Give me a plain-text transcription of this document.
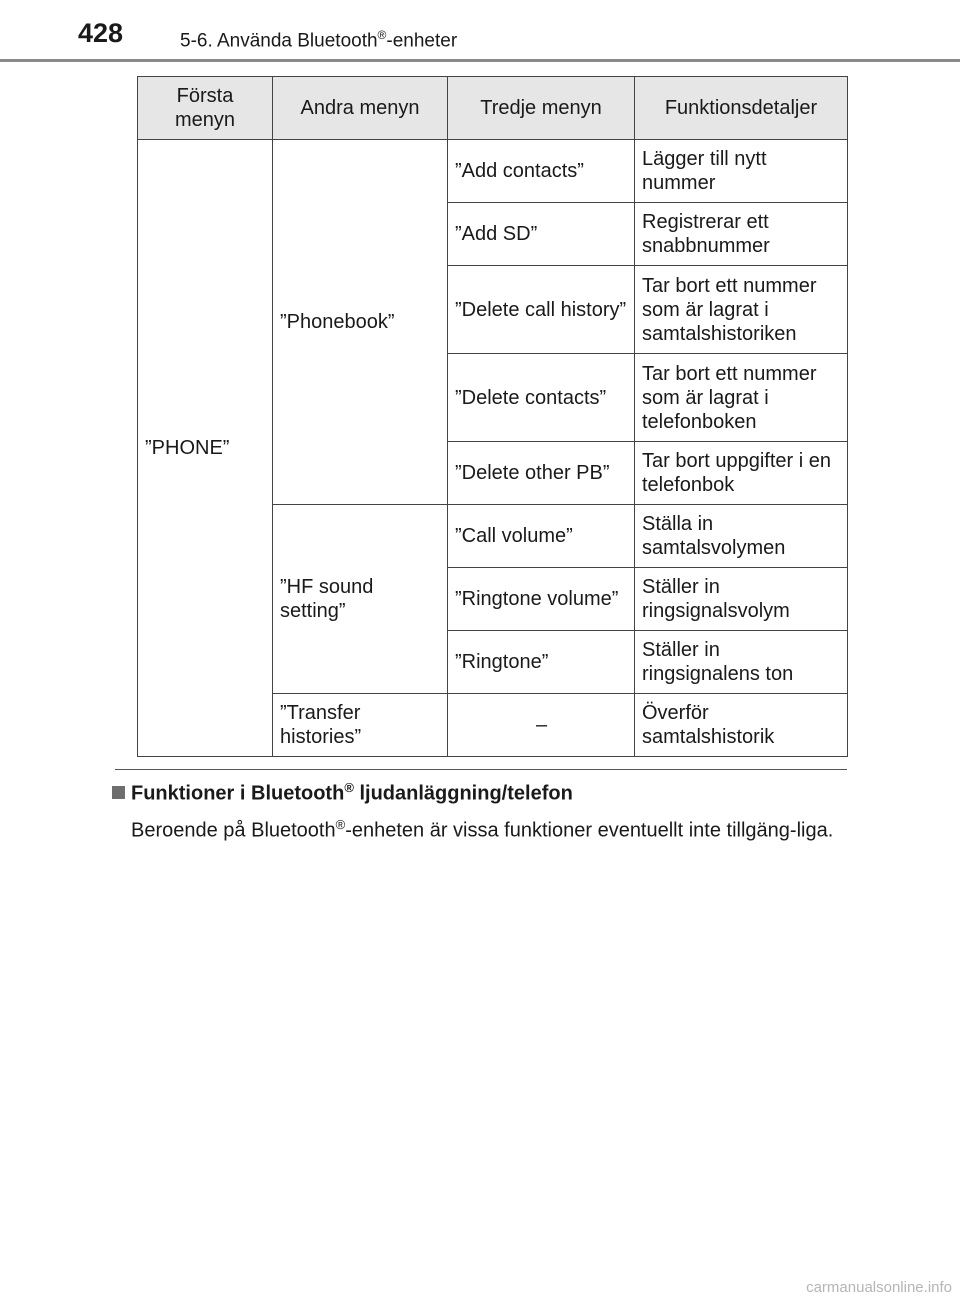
428	5-6. Använda Bluetooth®-enheter
Första menyn	Andra menyn	Tredje menyn	Funktionsdetaljer
”PHONE”	”Phonebook”	”Add contacts”	Lägger till nytt nummer
		”Add SD”	Registrerar ett snabbnummer
		”Delete call history”	Tar bort ett nummer som är lagrat i samtalshistoriken
		”Delete contacts”	Tar bort ett nummer som är lagrat i telefonboken
		”Delete other PB”	Tar bort uppgifter i en telefonbok
	”HF sound setting”	”Call volume”	Ställa in samtalsvolymen
		”Ringtone volume”	Ställer in ringsignalsvolym
		”Ringtone”	Ställer in ringsignalens ton
	”Transfer histories”	–	Överför samtalshistorik
Funktioner i Bluetooth® ljudanläggning/telefon
Beroende på Bluetooth®-enheten är vissa funktioner eventuellt inte tillgäng-liga.
carmanualsonline.info
